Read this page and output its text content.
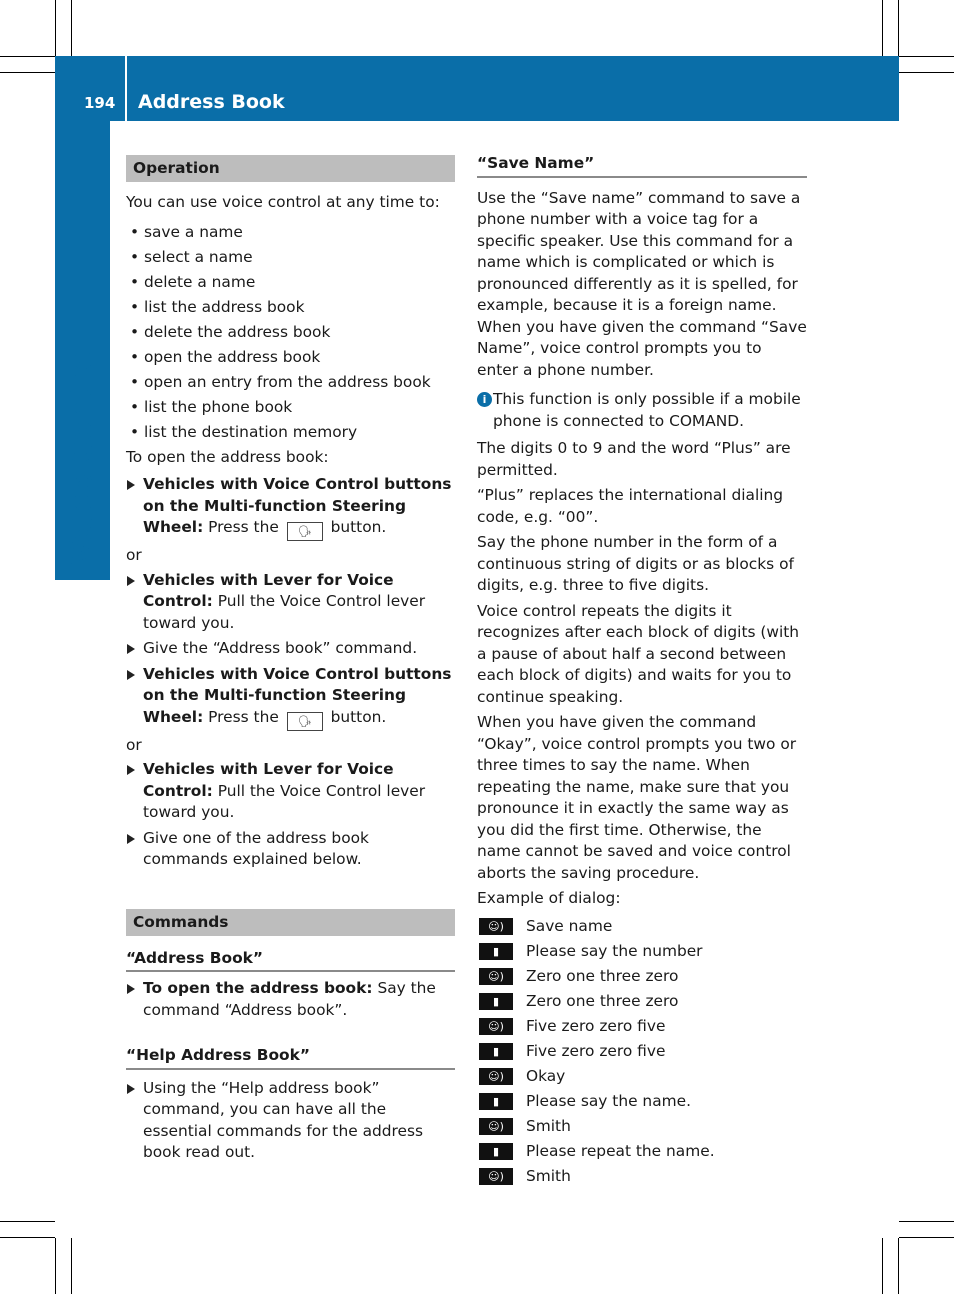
194 Address Book
Voice Control
Operation

You can use voice control at any time to:

• save a name

• select a name

• delete a name

• list the address book

• delete the address book

• open the address book

• open an entry from the address book

• list the phone book

• list the destination memory

To open the address book:

Vehicles with Voice Control buttons on the Multi-function Steering Wheel: Press the 🗣 button.

or

Vehicles with Lever for Voice Control: Pull the Voice Control lever toward you.
Give the “Address book” command.
Vehicles with Voice Control buttons on the Multi-function Steering Wheel: Press the 🗣 button.

or

Vehicles with Lever for Voice Control: Pull the Voice Control lever toward you.
Give one of the address book commands explained below.
Commands
“Address Book”
To open the address book: Say the command “Address book”.
“Help Address Book”
Using the “Help address book” command, you can have all the essential commands for the address book read out.
“Save Name”

Use the “Save name” command to save a phone number with a voice tag for a specific speaker. Use this command for a name which is complicated or which is pronounced differently as it is spelled, for example, because it is a foreign name. When you have given the command “Save Name”, voice control prompts you to enter a phone number.

i This function is only possible if a mobile phone is connected to COMAND.

The digits 0 to 9 and the word “Plus” are permitted.

“Plus” replaces the international dialing code, e.g. “00”.

Say the phone number in the form of a continuous string of digits or as blocks of digits, e.g. three to five digits.

Voice control repeats the digits it recognizes after each block of digits (with a pause of about half a second between each block of digits) and waits for you to continue speaking.

When you have given the command “Okay”, voice control prompts you two or three times to say the name. When repeating the name, make sure that you pronounce it in exactly the same way as you did the first time. Otherwise, the name cannot be saved and voice control aborts the saving procedure.

Example of dialog:

☺)	Save name
▮	Please say the number
☺)	Zero one three zero
▮	Zero one three zero
☺)	Five zero zero five
▮	Five zero zero five
☺)	Okay
▮	Please say the name.
☺)	Smith
▮	Please repeat the name.
☺)	Smith
